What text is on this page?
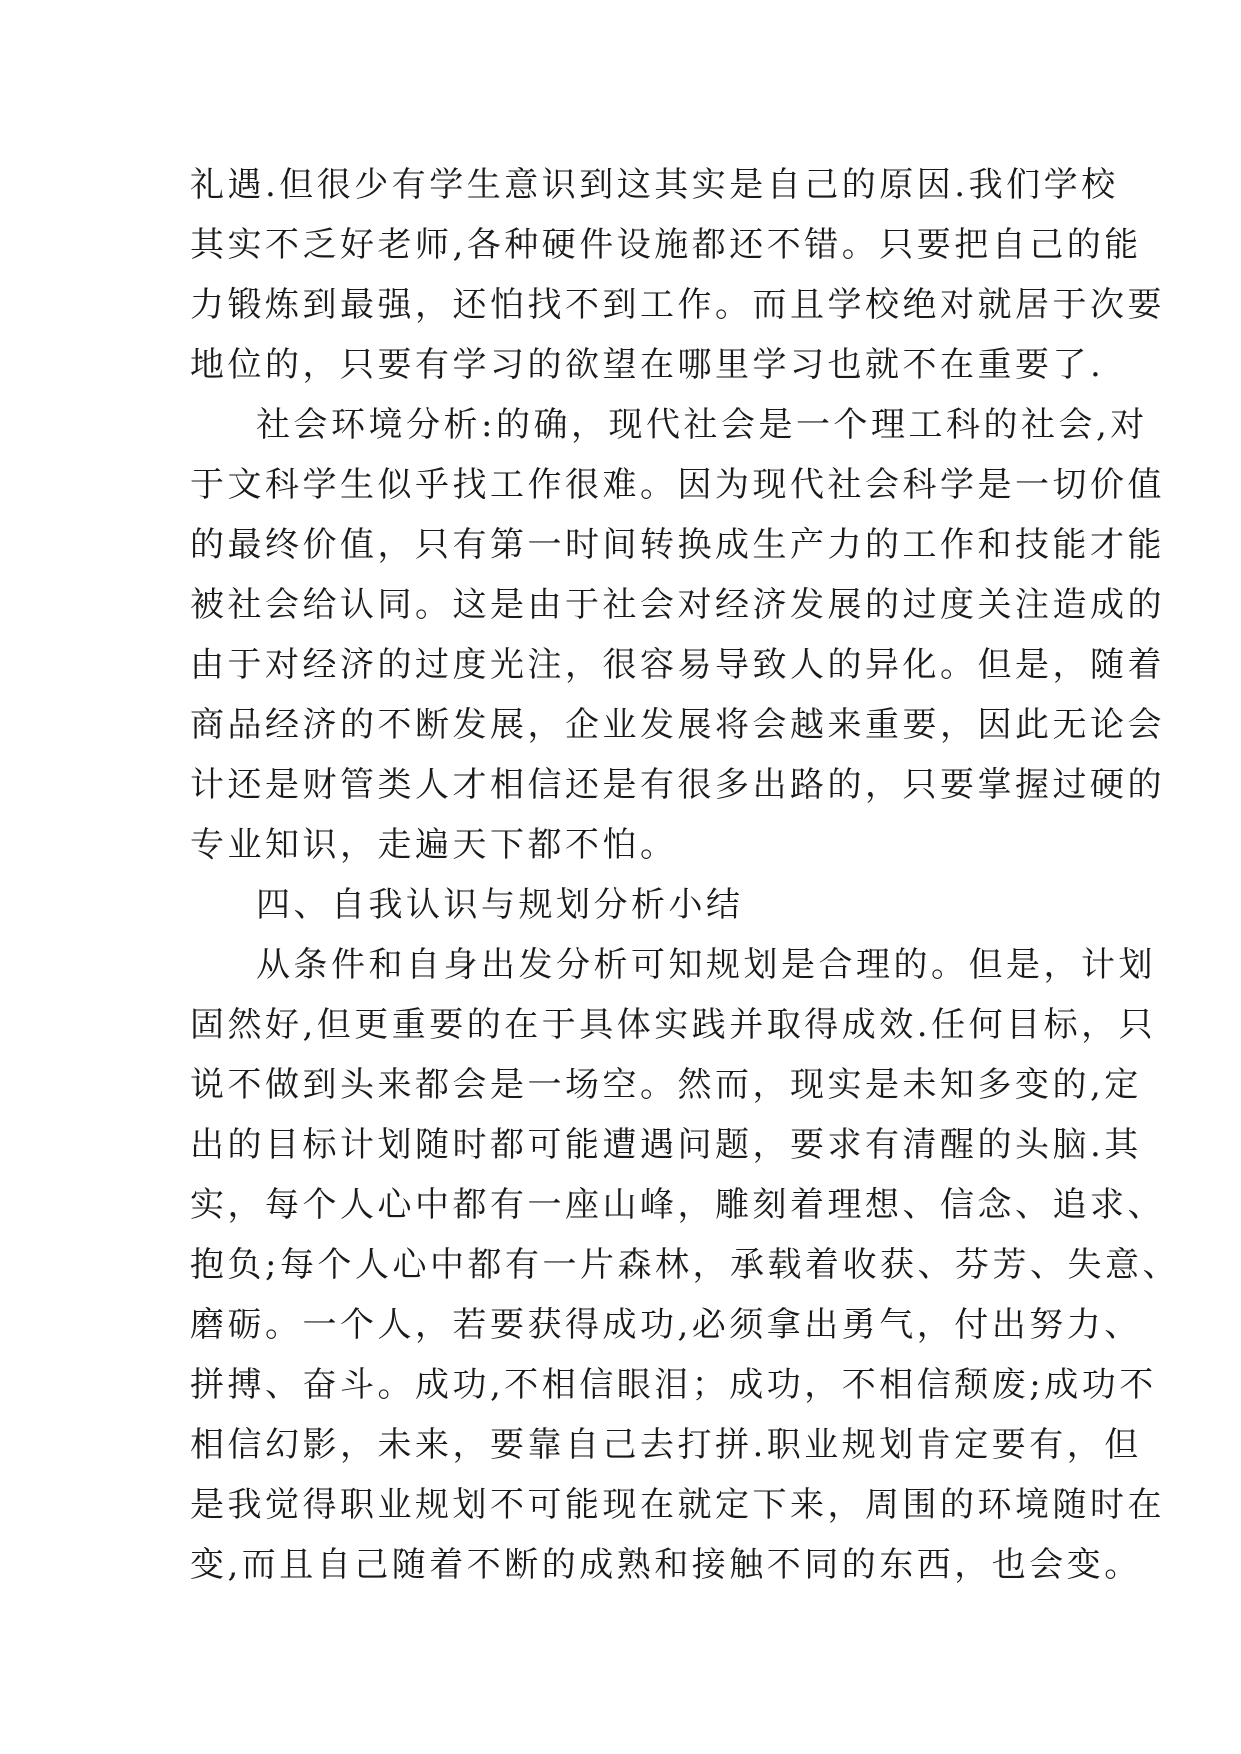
礼遇.但很少有学生意识到这其实是自己的原因.我们学校
其实不乏好老师,各种硬件设施都还不错。只要把自己的能
力锻炼到最强，还怕找不到工作。而且学校绝对就居于次要
地位的，只要有学习的欲望在哪里学习也就不在重要了.
社会环境分析:的确，现代社会是一个理工科的社会,对
于文科学生似乎找工作很难。因为现代社会科学是一切价值
的最终价值，只有第一时间转换成生产力的工作和技能才能
被社会给认同。这是由于社会对经济发展的过度关注造成的
由于对经济的过度光注，很容易导致人的异化。但是，随着
商品经济的不断发展，企业发展将会越来重要，因此无论会
计还是财管类人才相信还是有很多出路的，只要掌握过硬的
专业知识，走遍天下都不怕。
四、自我认识与规划分析小结
从条件和自身出发分析可知规划是合理的。但是，计划
固然好,但更重要的在于具体实践并取得成效.任何目标，只
说不做到头来都会是一场空。然而，现实是未知多变的,定
出的目标计划随时都可能遭遇问题，要求有清醒的头脑.其
实，每个人心中都有一座山峰，雕刻着理想、信念、追求、
抱负;每个人心中都有一片森林，承载着收获、芬芳、失意、
磨砺。一个人，若要获得成功,必须拿出勇气，付出努力、
拼搏、奋斗。成功,不相信眼泪；成功，不相信颓废;成功不
相信幻影，未来，要靠自己去打拼.职业规划肯定要有，但
是我觉得职业规划不可能现在就定下来，周围的环境随时在
变,而且自己随着不断的成熟和接触不同的东西，也会变。
